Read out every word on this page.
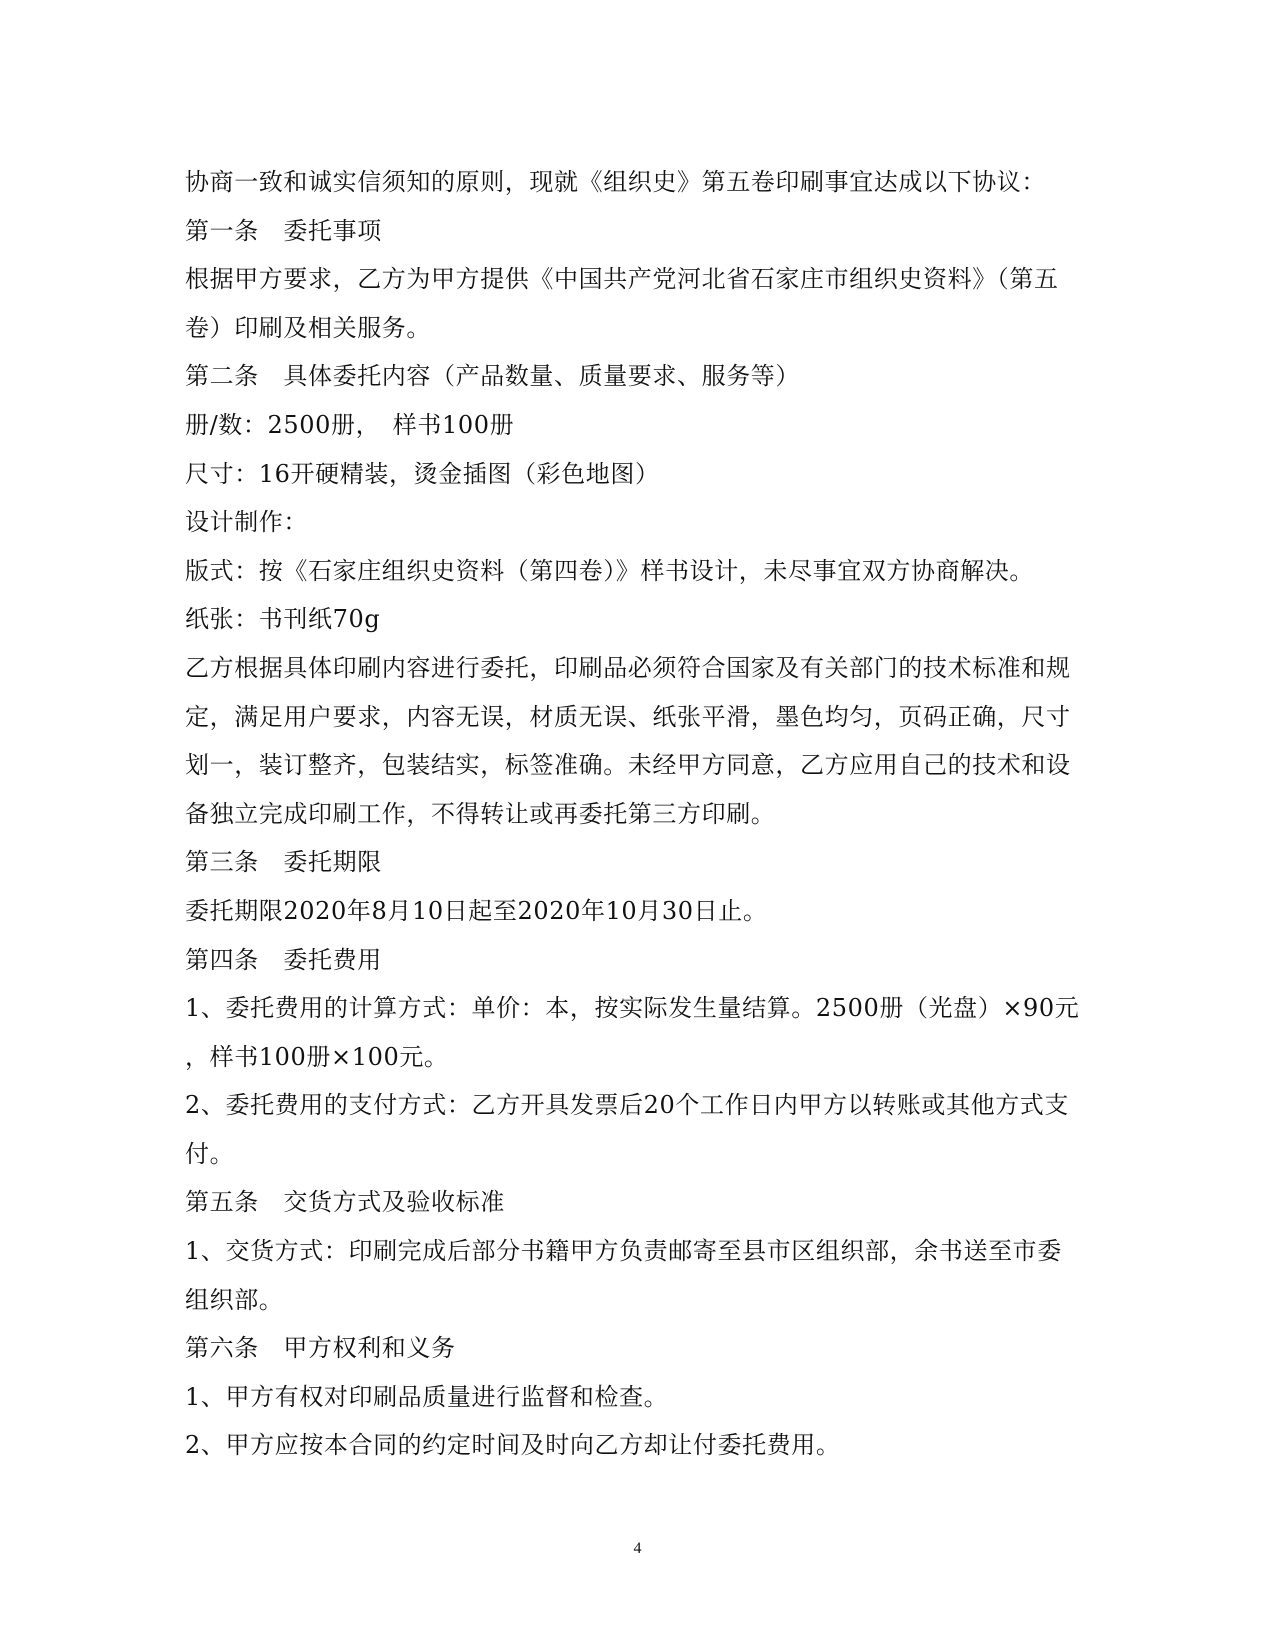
协商一致和诚实信须知的原则，现就《组织史》第五卷印刷事宜达成以下协议：
第一条　委托事项
根据甲方要求，乙方为甲方提供《中国共产党河北省石家庄市组织史资料》（第五
卷）印刷及相关服务。
第二条　具体委托内容（产品数量、质量要求、服务等）
册/数：2500册，　样书100册
尺寸：16开硬精装，烫金插图（彩色地图）
设计制作：
版式：按《石家庄组织史资料（第四卷）》样书设计，未尽事宜双方协商解决。
纸张：书刊纸70g
乙方根据具体印刷内容进行委托，印刷品必须符合国家及有关部门的技术标准和规
定，满足用户要求，内容无误，材质无误、纸张平滑，墨色均匀，页码正确，尺寸
划一，装订整齐，包装结实，标签准确。未经甲方同意，乙方应用自己的技术和设
备独立完成印刷工作，不得转让或再委托第三方印刷。
第三条　委托期限
委托期限2020年8月10日起至2020年10月30日止。
第四条　委托费用
1、委托费用的计算方式：单价：本，按实际发生量结算。2500册（光盘）×90元
，样书100册×100元。
2、委托费用的支付方式：乙方开具发票后20个工作日内甲方以转账或其他方式支
付。
第五条　交货方式及验收标准
1、交货方式：印刷完成后部分书籍甲方负责邮寄至县市区组织部，余书送至市委
组织部。
第六条　甲方权利和义务
1、甲方有权对印刷品质量进行监督和检查。
2、甲方应按本合同的约定时间及时向乙方却让付委托费用。
4
